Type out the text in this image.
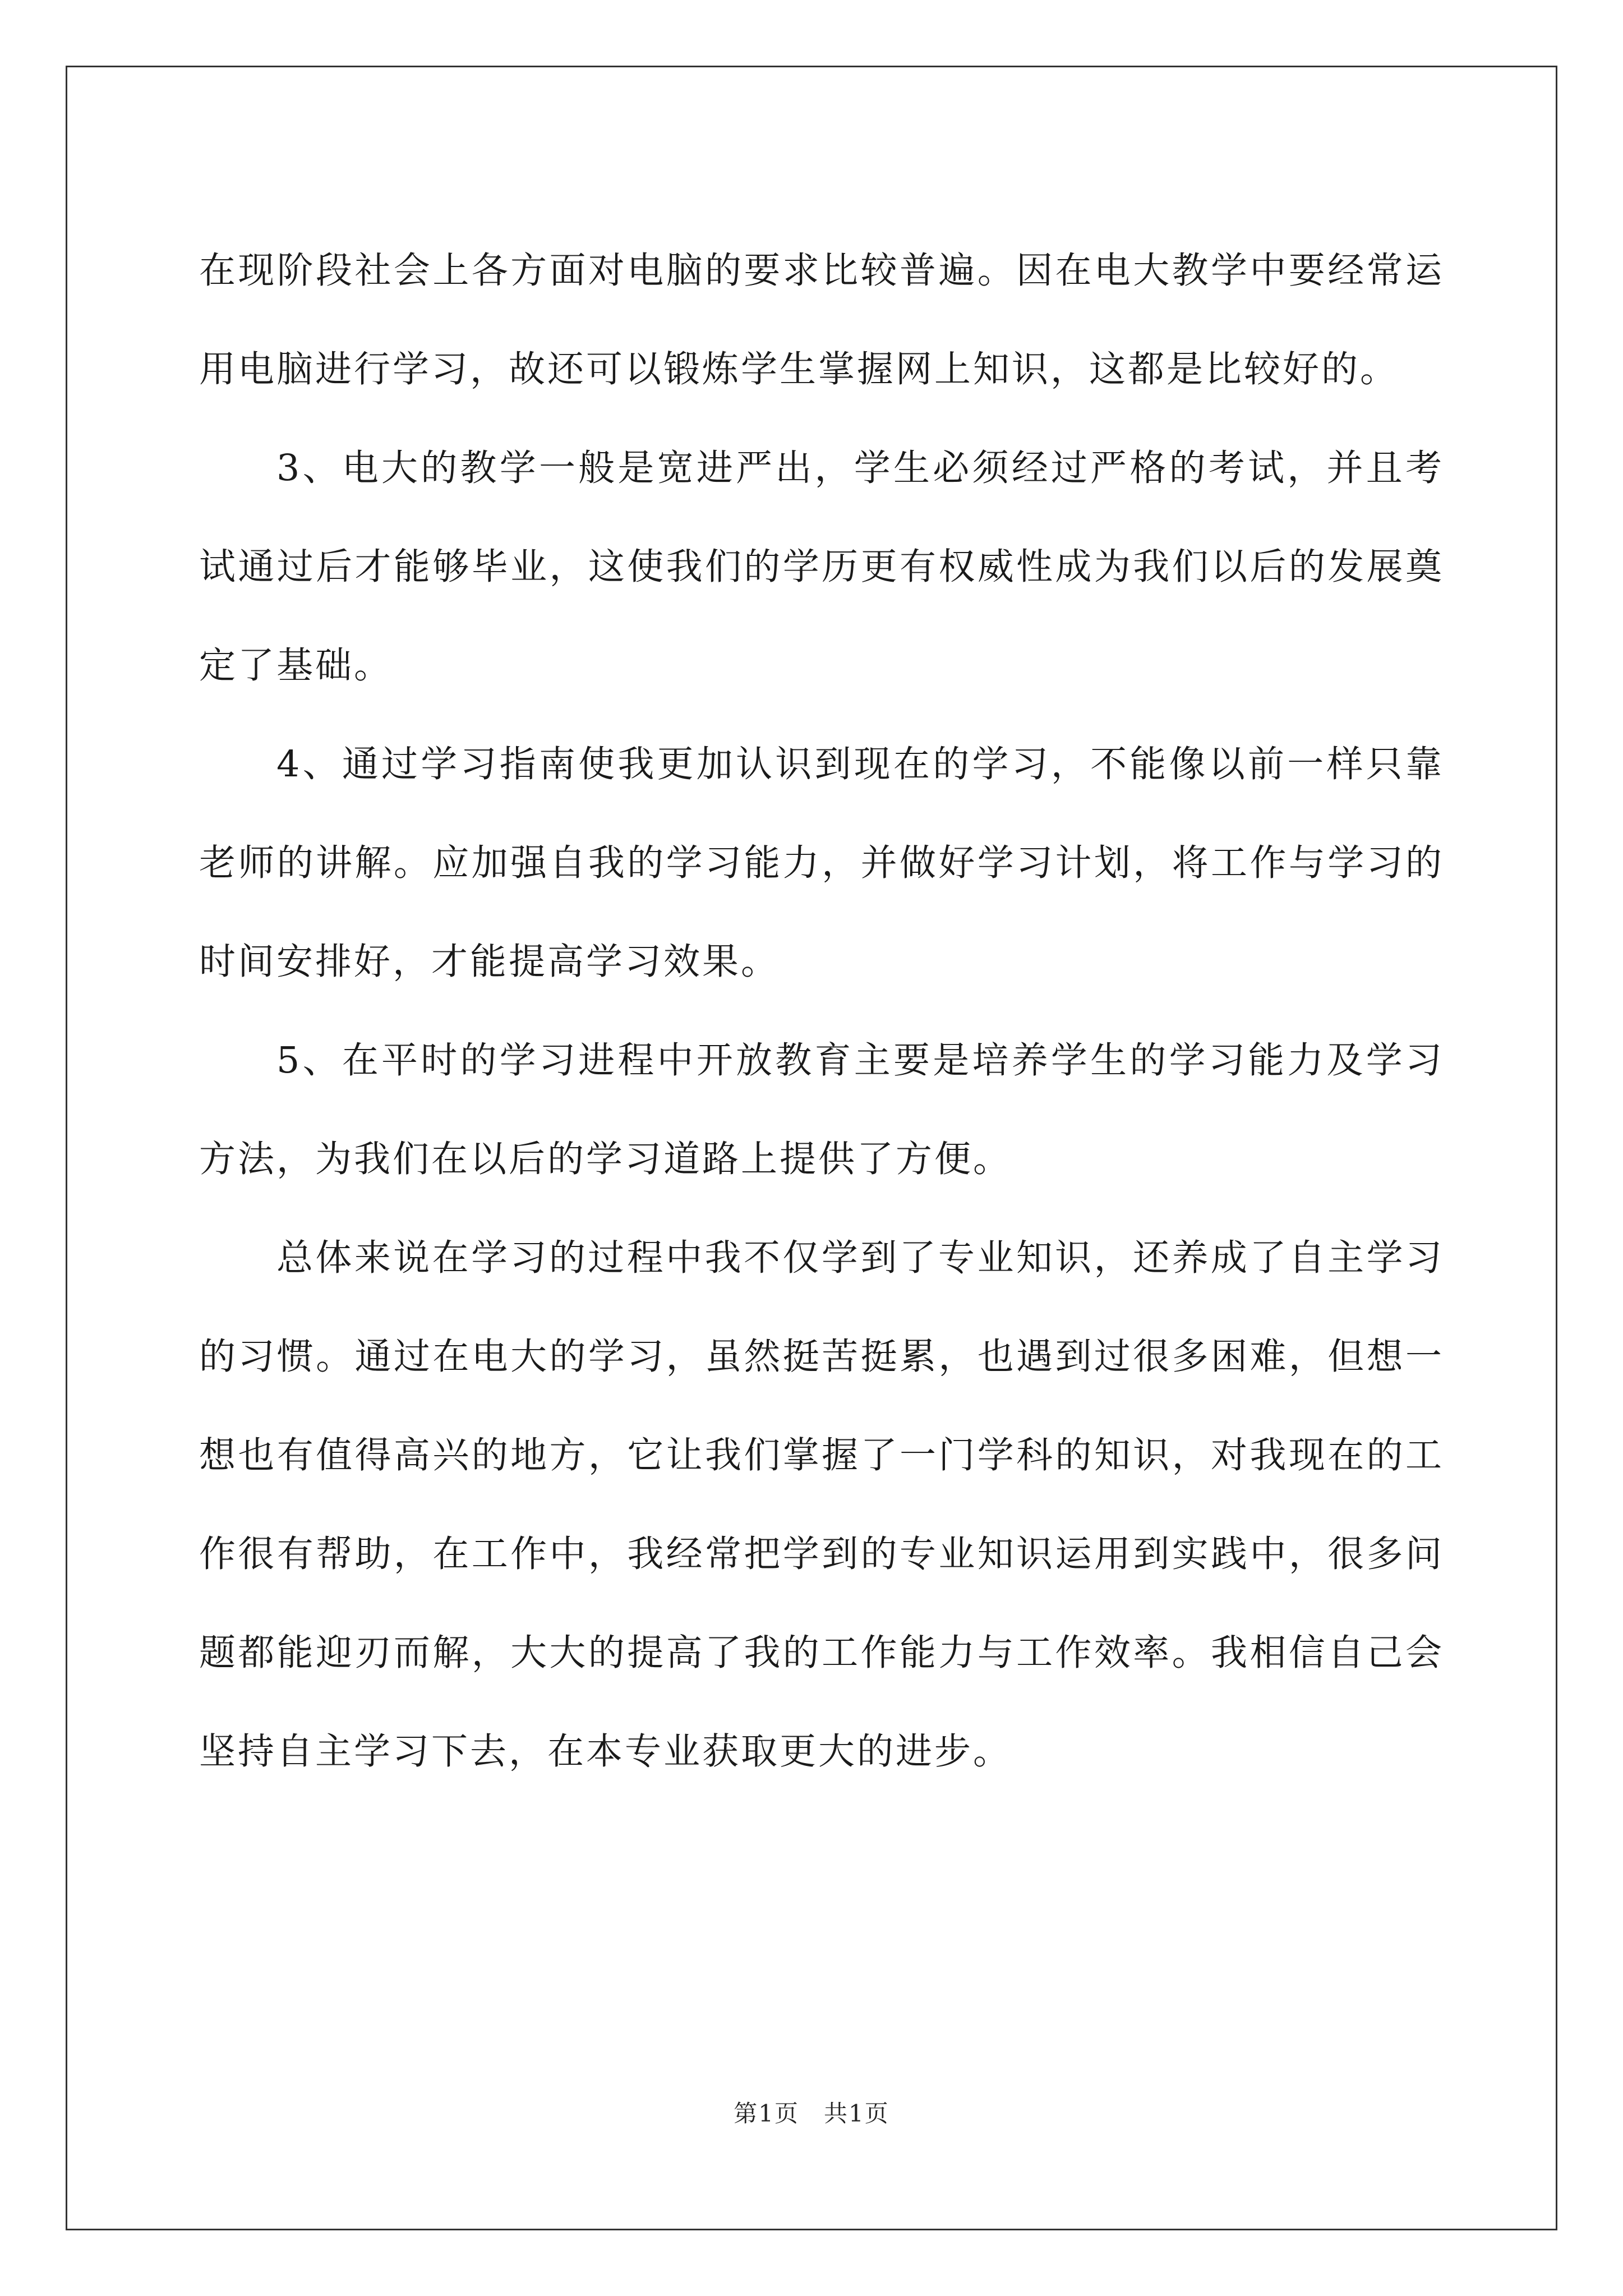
在现阶段社会上各方面对电脑的要求比较普遍。因在电大教学中要经常运用电脑进行学习，故还可以锻炼学生掌握网上知识，这都是比较好的。

3、电大的教学一般是宽进严出，学生必须经过严格的考试，并且考试通过后才能够毕业，这使我们的学历更有权威性成为我们以后的发展奠定了基础。

4、通过学习指南使我更加认识到现在的学习，不能像以前一样只靠老师的讲解。应加强自我的学习能力，并做好学习计划，将工作与学习的时间安排好，才能提高学习效果。

5、在平时的学习进程中开放教育主要是培养学生的学习能力及学习方法，为我们在以后的学习道路上提供了方便。

总体来说在学习的过程中我不仅学到了专业知识，还养成了自主学习的习惯。通过在电大的学习，虽然挺苦挺累，也遇到过很多困难，但想一想也有值得高兴的地方，它让我们掌握了一门学科的知识，对我现在的工作很有帮助，在工作中，我经常把学到的专业知识运用到实践中，很多问题都能迎刃而解，大大的提高了我的工作能力与工作效率。我相信自己会坚持自主学习下去，在本专业获取更大的进步。

第1页　共1页
